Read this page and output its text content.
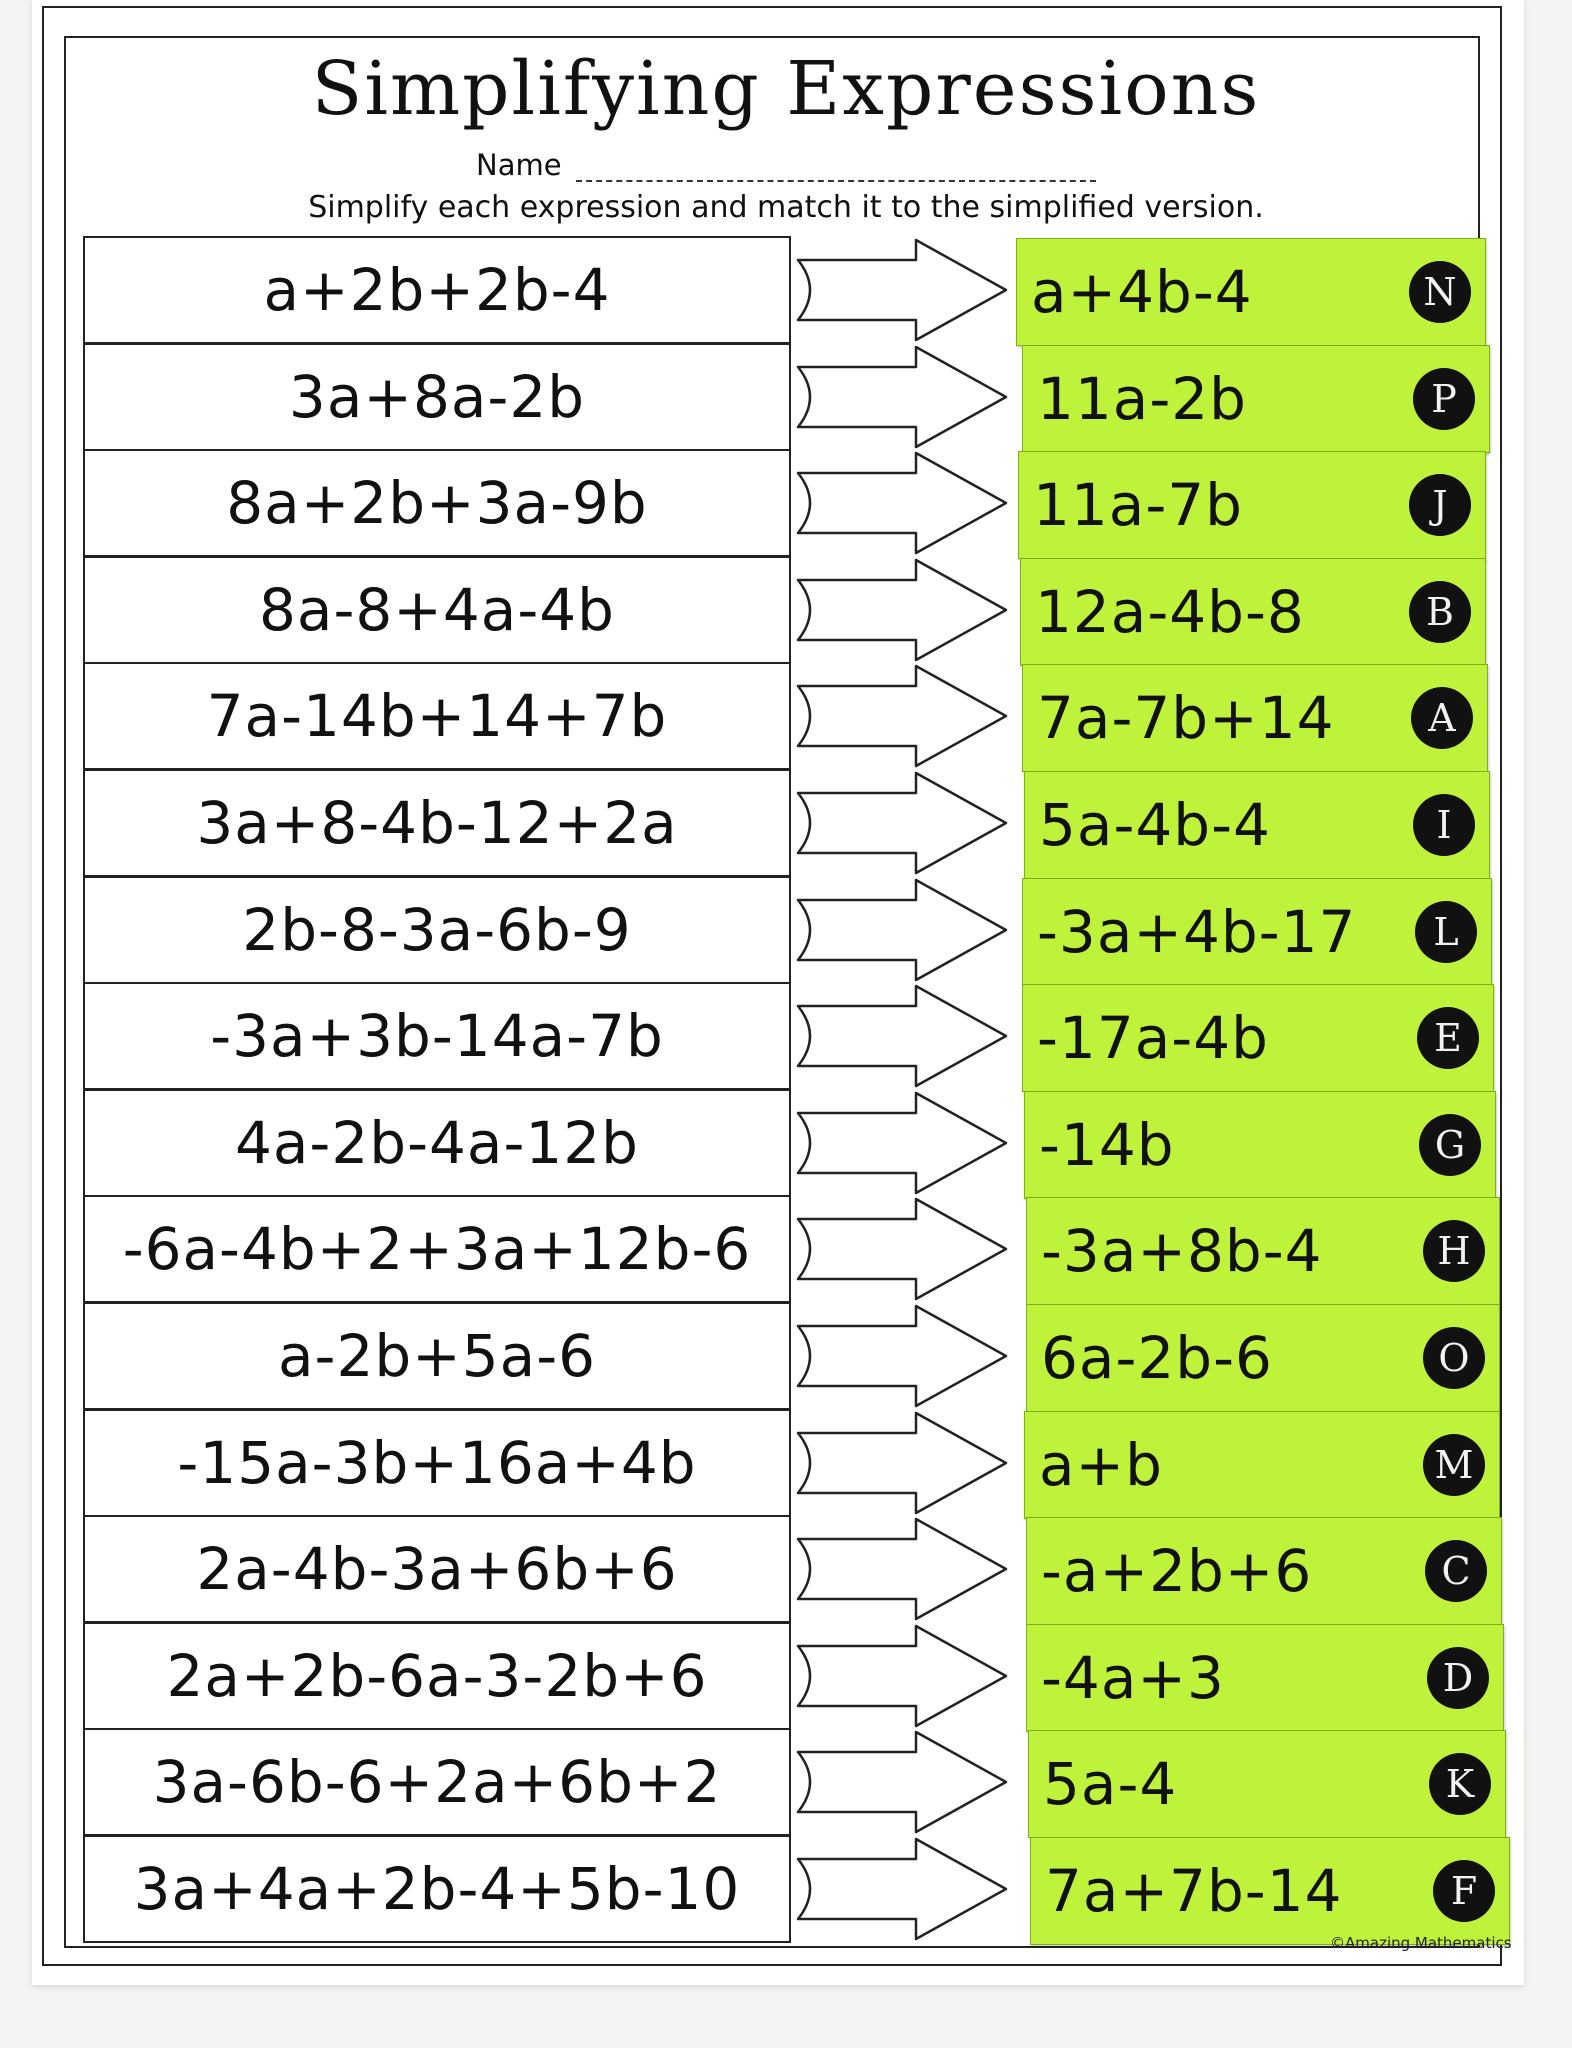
Simplifying Expressions
Name
Simplify each expression and match it to the simplified version.
a+2b+2b-4	a+4b-4	N
3a+8a-2b	11a-2b	P
8a+2b+3a-9b	11a-7b	J
8a-8+4a-4b	12a-4b-8	B
7a-14b+14+7b	7a-7b+14	A
3a+8-4b-12+2a	5a-4b-4	I
2b-8-3a-6b-9	-3a+4b-17	L
-3a+3b-14a-7b	-17a-4b	E
4a-2b-4a-12b	-14b	G
-6a-4b+2+3a+12b-6	-3a+8b-4	H
a-2b+5a-6	6a-2b-6	O
-15a-3b+16a+4b	a+b	M
2a-4b-3a+6b+6	-a+2b+6	C
2a+2b-6a-3-2b+6	-4a+3	D
3a-6b-6+2a+6b+2	5a-4	K
3a+4a+2b-4+5b-10	7a+7b-14	F
©Amazing Mathematics
